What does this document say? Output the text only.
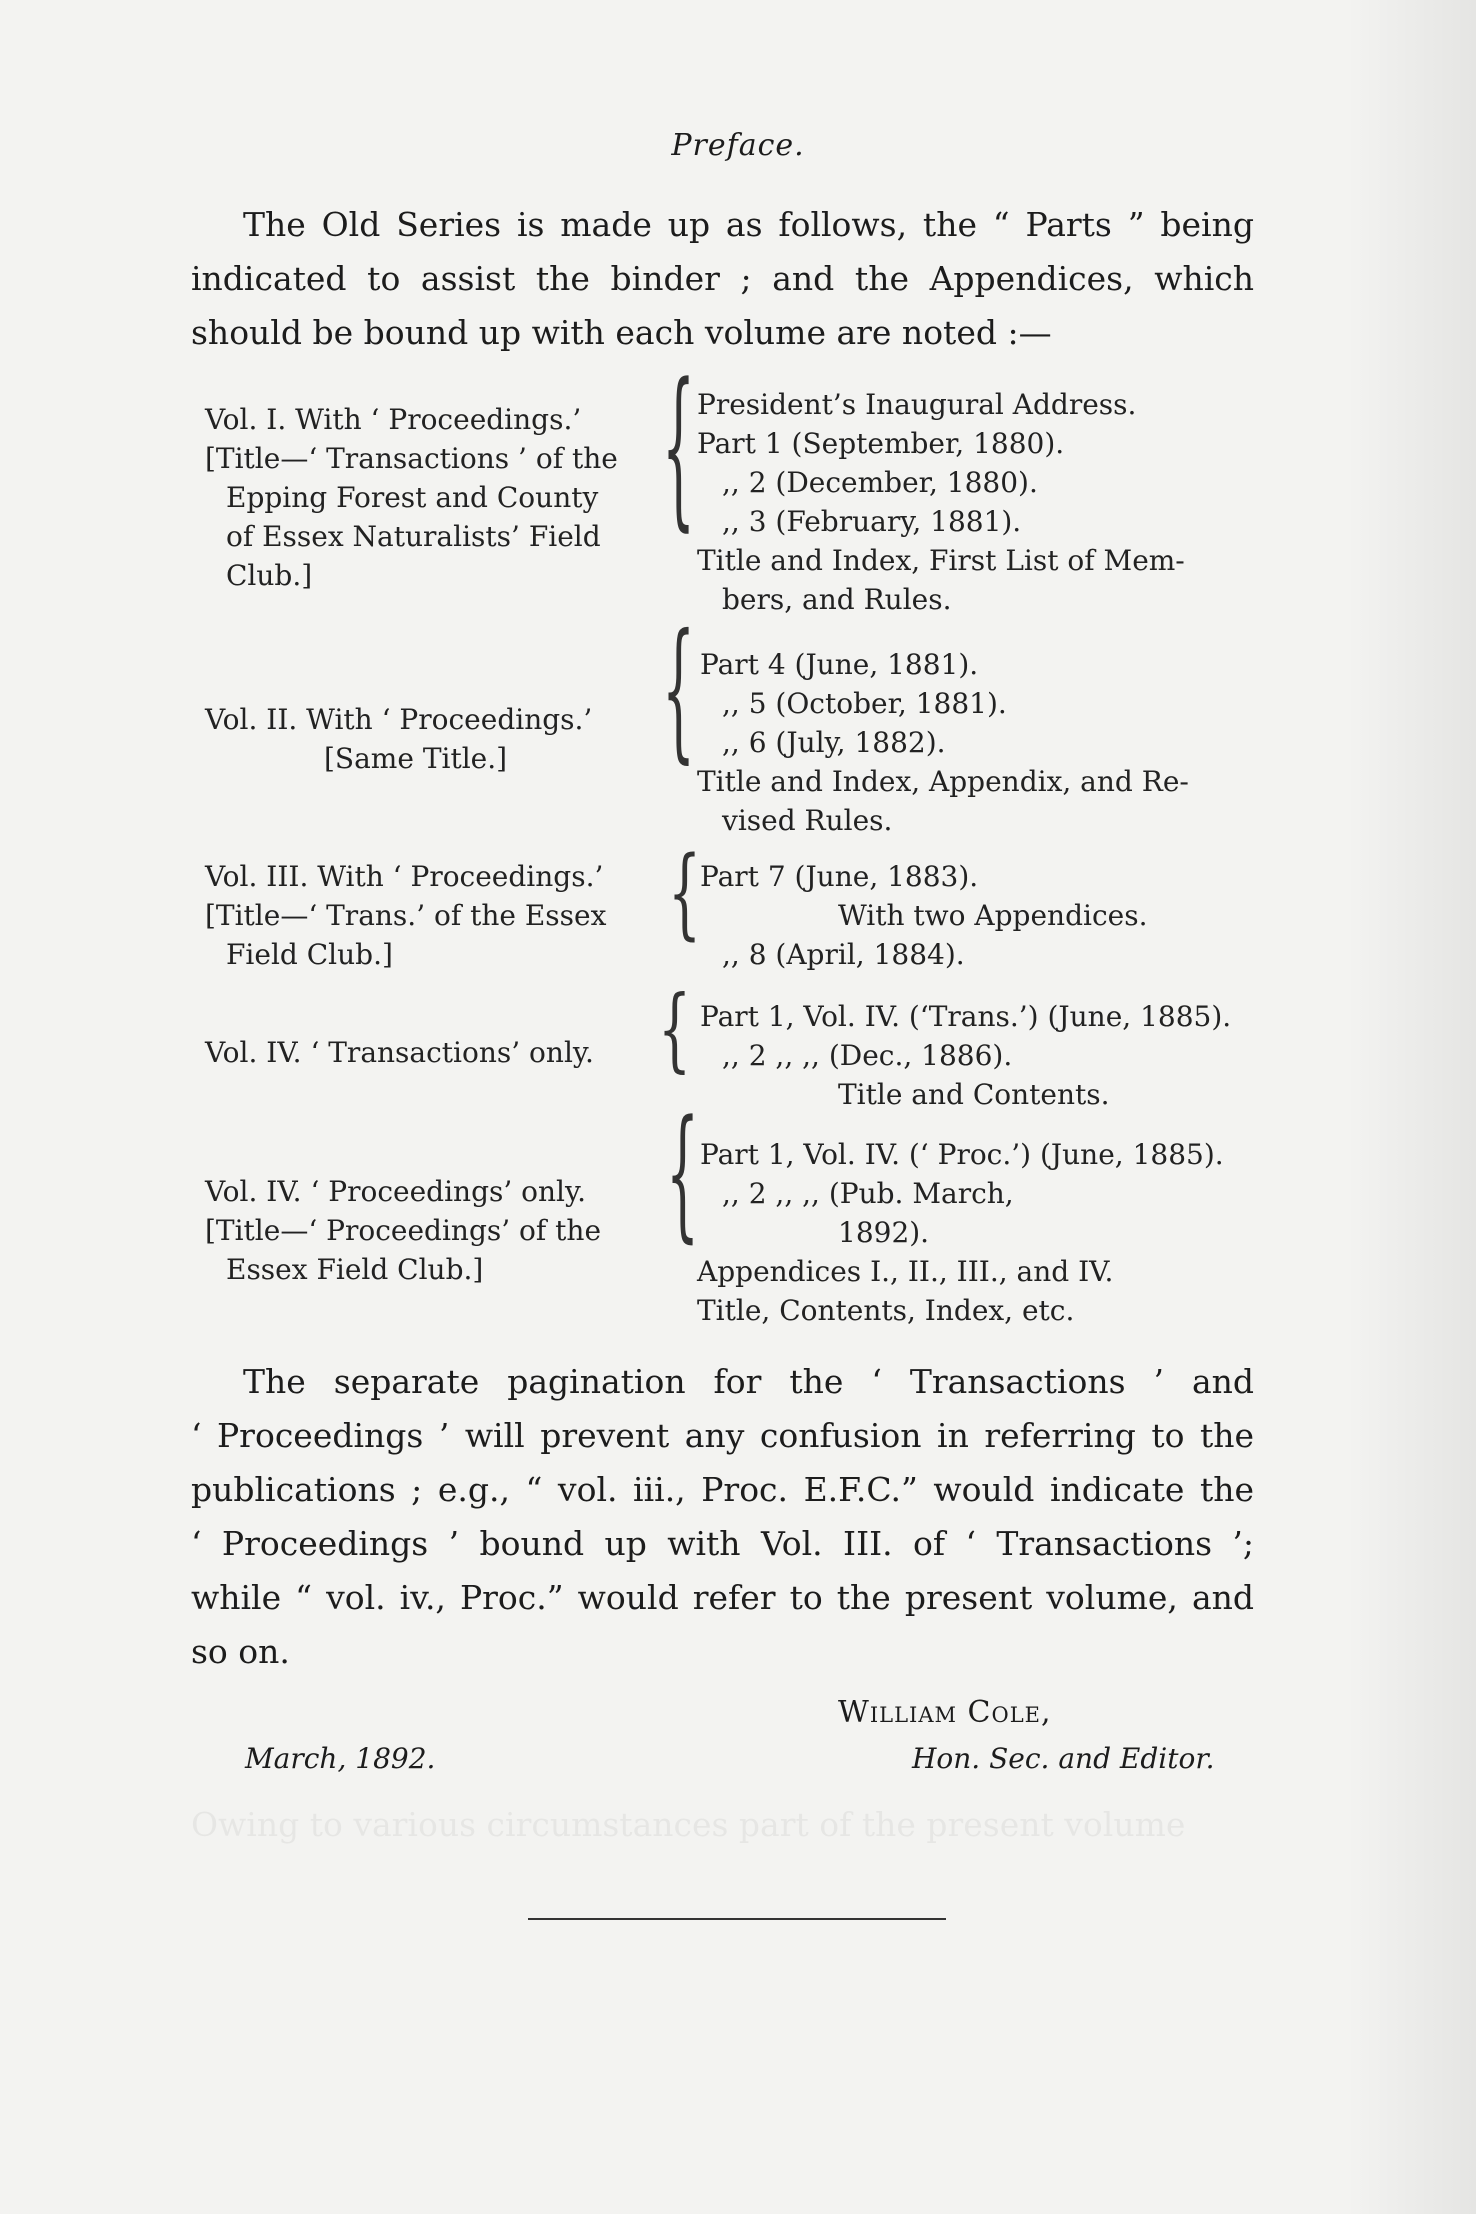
Owing to various circumstances part of the present volume
Preface.
The Old Series is made up as follows, the “ Parts ” being
indicated to assist the binder ; and the Appendices, which
should be bound up with each volume are noted :—
Vol. I. With ‘ Proceedings.’
[Title—‘ Transactions ’ of the
Epping Forest and County
of Essex Naturalists’ Field
Club.]
{ President’s Inaugural Address.
Part 1 (September, 1880).
,, 2 (December, 1880).
,, 3 (February, 1881).
Title and Index, First List of Mem-
bers, and Rules.
Vol. II. With ‘ Proceedings.’
[Same Title.]	{ Part 4 (June, 1881).
,, 5 (October, 1881).
,, 6 (July, 1882).
Title and Index, Appendix, and Re-
vised Rules.
Vol. III. With ‘ Proceedings.’
[Title—‘ Trans.’ of the Essex
Field Club.]
{
Part 7 (June, 1883).
With two Appendices.
,, 8 (April, 1884).
Vol. IV. ‘ Transactions’ only. { Part 1, Vol. IV. (‘Trans.’) (June, 1885).
,, 2 ,, ,, (Dec., 1886).
Title and Contents.
Vol. IV. ‘ Proceedings’ only.
[Title—‘ Proceedings’ of the
Essex Field Club.]
{ Part 1, Vol. IV. (‘ Proc.’) (June, 1885).
,, 2 ,, ,, (Pub. March,
1892).
Appendices I., II., III., and IV.
Title, Contents, Index, etc.
The separate pagination for the ‘ Transactions ’ and
‘ Proceedings ’ will prevent any confusion in referring to the
publications ; e.g., “ vol. iii., Proc. E.F.C.” would indicate the
‘ Proceedings ’ bound up with Vol. III. of ‘ Transactions ’;
while “ vol. iv., Proc.” would refer to the present volume, and
so on.
William Cole,
Hon. Sec. and Editor.
March, 1892.
